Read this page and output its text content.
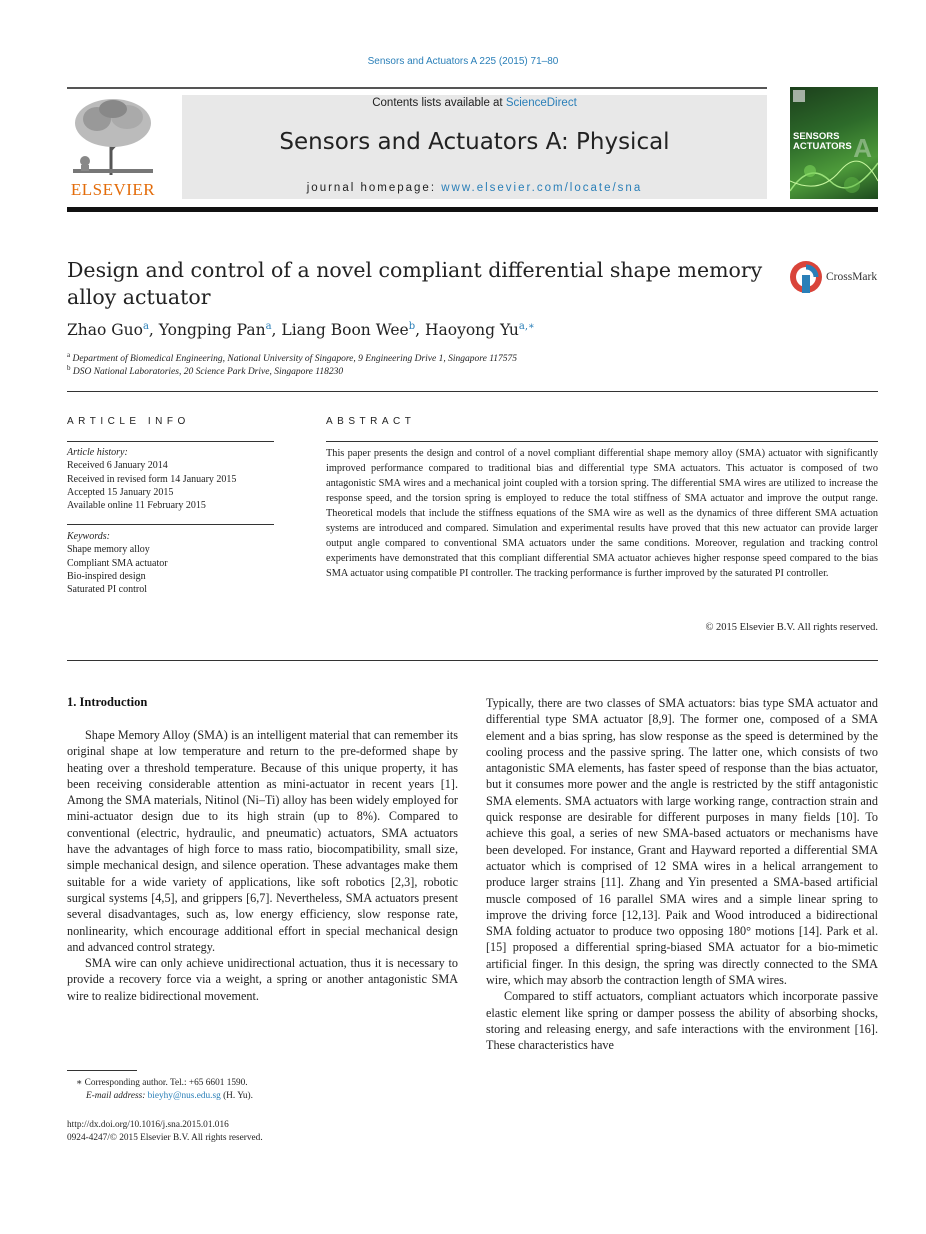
Sensors and Actuators A 225 (2015) 71–80
ELSEVIER
Contents lists available at ScienceDirect
Sensors and Actuators A: Physical
journal homepage: www.elsevier.com/locate/sna
SENSORS
ACTUATORS A
Design and control of a novel compliant differential shape memory
alloy actuator
CrossMark
Zhao Guo$^a$, Yongping Pan$^a$, Liang Boon Wee$^b$, Haoyong $Yu^{a,∗}$
$^a$ Department of Biomedical Engineering, National University of Singapore, 9 Engineering Drive 1, Singapore 117575
$^b$ DSO National Laboratories, 20 Science Park Drive, Singapore 118230
ARTICLE INFO
Article history:
Received 6 January 2014
Received in revised form 14 January 2015
Accepted 15 January 2015
Available online 11 February 2015
Keywords:
Shape memory alloy
Compliant SMA actuator
Bio-inspired design
Saturated PI control
ABSTRACT
This paper presents the design and control of a novel compliant differential shape memory alloy (SMA) actuator with significantly improved performance compared to traditional bias and differential type SMA actuators. This actuator is composed of two antagonistic SMA wires and a mechanical joint coupled with a torsion spring. The differential SMA wires are utilized to increase the response speed, and the torsion spring is employed to reduce the total stiffness of SMA actuator and improve the output range. Theoretical models that include the stiffness equations of the SMA wire as well as the dynamics of three different SMA actuation systems are introduced and compared. Simulation and experimental results have proved that this new actuator can provide larger output angle compared to conventional SMA actuators under the same conditions. Moreover, regulation and tracking control experiments have demonstrated that this compliant differential SMA actuator achieves higher response speed compared to the bias SMA actuator using compatible PI controller. The tracking performance is further improved by the saturated PI controller.
© 2015 Elsevier B.V. All rights reserved.
1. Introduction

Shape Memory Alloy (SMA) is an intelligent material that can remember its original shape at low temperature and return to the pre-deformed shape by heating over a threshold temperature. Because of this unique property, it has been receiving considerable attention as mini-actuator in recent years [1]. Among the SMA materials, Nitinol (Ni–Ti) alloy has been widely employed for mini-actuator design due to its high strain (up to 8%). Compared to conventional (electric, hydraulic, and pneumatic) actuators, SMA actuators have the advantages of high force to mass ratio, biocompatibility, small size, simple mechanical design, and silence operation. These advantages make them suitable for a wide variety of applications, like soft robotics [2,3], robotic surgical systems [4,5], and grippers [6,7]. Nevertheless, SMA actuators present several disadvantages, such as, low energy efficiency, slow response rate, nonlinearity, which encourage additional effort in special mechanical design and advanced control strategy.

SMA wire can only achieve unidirectional actuation, thus it is necessary to provide a recovery force via a weight, a spring or another antagonistic SMA wire to realize bidirectional movement.

Typically, there are two classes of SMA actuators: bias type SMA actuator and differential type SMA actuator [8,9]. The former one, composed of a SMA element and a bias spring, has slow response as the speed is determined by the cooling process and the passive spring. The latter one, which consists of two antagonistic SMA elements, has faster speed of response than the bias actuator, but it consumes more power and the angle is restricted by the stiff antagonistic SMA elements. SMA actuators with large working range, contraction strain and quick response are desirable for different purposes in many fields [10]. To achieve this goal, a series of new SMA-based actuators or mechanisms have been developed. For instance, Grant and Hayward reported a differential SMA actuator which is comprised of 12 SMA wires in a helical arrangement to produce larger strains [11]. Zhang and Yin presented a SMA-based artificial muscle composed of 16 parallel SMA wires and a simple linear spring to improve the driving force [12,13]. Paik and Wood introduced a bidirectional SMA folding actuator to produce two opposing 180° motions [14]. Park et al. [15] proposed a differential spring-biased SMA actuator for a bio-mimetic artificial finger. In this design, the spring was directly connected to the SMA wire, which may absorb the contraction length of SMA wires.

Compared to stiff actuators, compliant actuators which incorporate passive elastic element like spring or damper possess the ability of absorbing shocks, storing and releasing energy, and safe interactions with the environment [16]. These characteristics have

∗ Corresponding author. Tel.: +65 6601 1590.
E-mail address: bieyhy@nus.edu.sg (H. Yu).
http://dx.doi.org/10.1016/j.sna.2015.01.016
0924-4247/© 2015 Elsevier B.V. All rights reserved.
